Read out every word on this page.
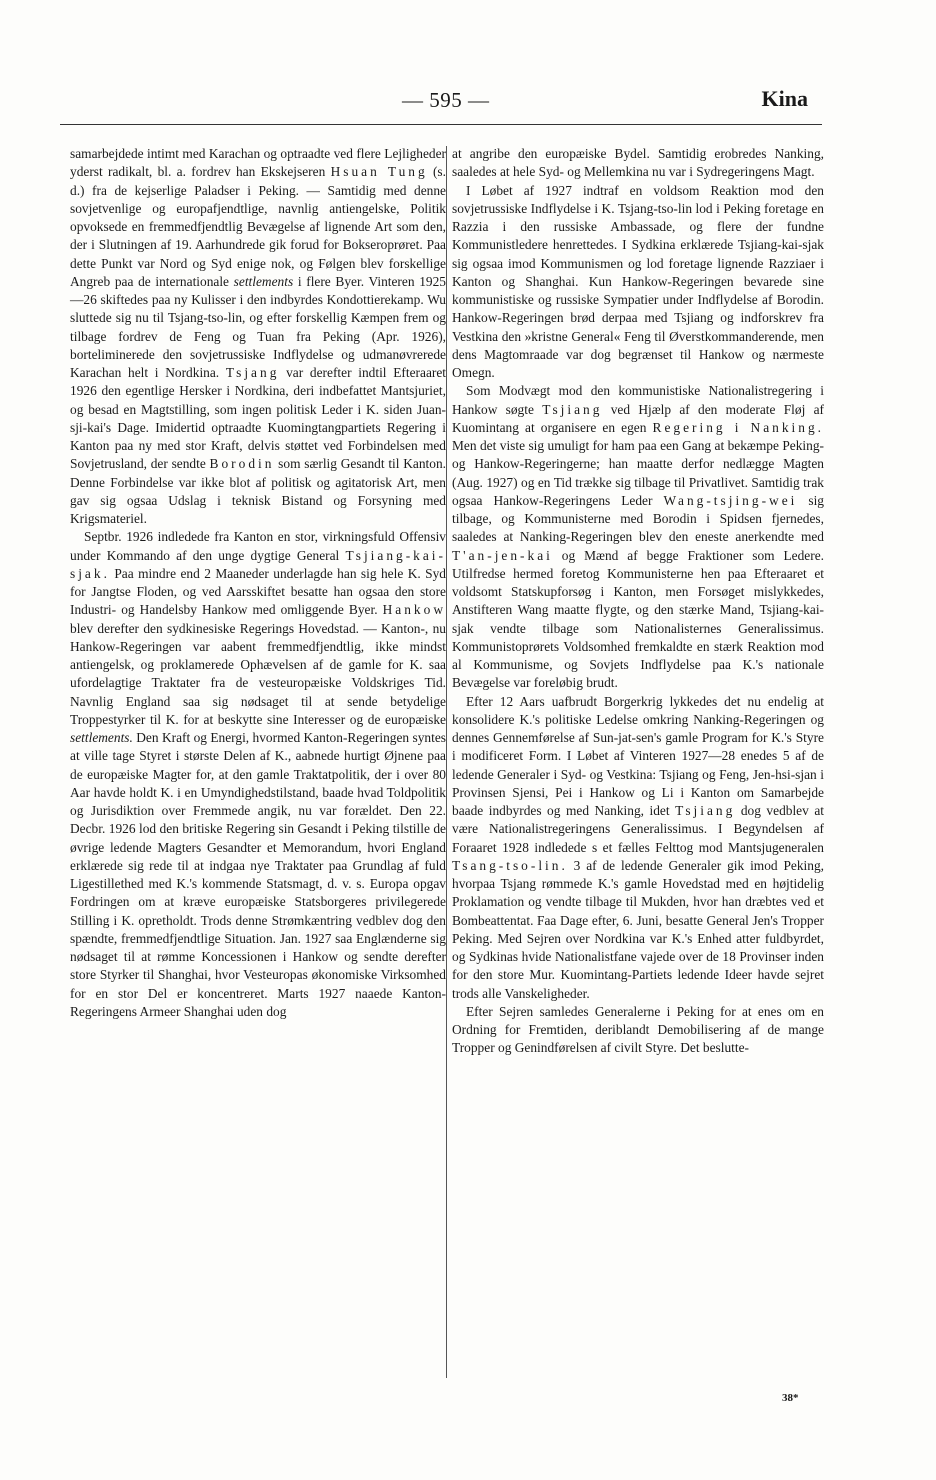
— 595 —	Kina

samarbejdede intimt med Karachan og optraadte ved flere Lejligheder yderst radikalt, bl. a. fordrev han Ekskejseren Hsuan Tung (s. d.) fra de kejserlige Paladser i Peking. — Samtidig med denne sovjetvenlige og europafjendtlige, navnlig antiengelske, Politik opvoksede en fremmedfjendtlig Bevægelse af lignende Art som den, der i Slutningen af 19. Aarhundrede gik forud for Bokseroprøret. Paa dette Punkt var Nord og Syd enige nok, og Følgen blev forskellige Angreb paa de internationale settlements i flere Byer. Vinteren 1925—26 skiftedes paa ny Kulisser i den indbyrdes Kondottierekamp. Wu sluttede sig nu til Tsjang-tso-lin, og efter forskellig Kæmpen frem og tilbage fordrev de Feng og Tuan fra Peking (Apr. 1926), bortelimineredе den sovjetrussiske Indflydelse og udmanøvrerede Karachan helt i Nordkina. Tsjang var derefter indtil Efteraaret 1926 den egentlige Hersker i Nordkina, deri indbefattet Mantsjuriet, og besad en Magtstilling, som ingen politisk Leder i K. siden Juan-sji-kai's Dage. Imidertid optraadte Kuomingtangpartiets Regering i Kanton paa ny med stor Kraft, delvis støttet ved Forbindelsen med Sovjetrusland, der sendte Borodin som særlig Gesandt til Kanton. Denne Forbindelse var ikke blot af politisk og agitatorisk Art, men gav sig ogsaa Udslag i teknisk Bistand og Forsyning med Krigsmateriel.

Septbr. 1926 indledede fra Kanton en stor, virkningsfuld Offensiv under Kommando af den unge dygtige General Tsjiang-kai-sjak. Paa mindre end 2 Maaneder underlagde han sig hele K. Syd for Jangtse Floden, og ved Aarsskiftet besatte han ogsaa den store Industri- og Handelsby Hankow med omliggende Byer. Hankow blev derefter den sydkinesiske Regerings Hovedstad. — Kanton-, nu Hankow-Regeringen var aabent fremmedfjendtlig, ikke mindst antiengelsk, og proklamerede Ophævelsen af de gamle for K. saa ufordelagtige Traktater fra de vesteuropæiske Voldskriges Tid. Navnlig England saa sig nødsaget til at sende betydelige Troppestyrker til K. for at beskytte sine Interesser og de europæiske settlements. Den Kraft og Energi, hvormed Kanton-Regeringen syntes at ville tage Styret i største Delen af K., aabnede hurtigt Øjnene paa de europæiske Magter for, at den gamle Traktatpolitik, der i over 80 Aar havde holdt K. i en Umyndighedstilstand, baade hvad Toldpolitik og Jurisdiktion over Fremmede angik, nu var forældet. Den 22. Decbr. 1926 lod den britiske Regering sin Gesandt i Peking tilstille de øvrige ledende Magters Gesandter et Memorandum, hvori England erklærede sig rede til at indgaa nye Traktater paa Grundlag af fuld Ligestillethed med K.'s kommende Statsmagt, d. v. s. Europa opgav Fordringen om at kræve europæiske Statsborgeres privilegerede Stilling i K. opretholdt. Trods denne Strømkæntring vedblev dog den spændte, fremmedfjendtlige Situation. Jan. 1927 saa Englænderne sig nødsaget til at rømme Koncessionen i Hankow og sendte derefter store Styrker til Shanghai, hvor Vesteuropas økonomiske Virksomhed for en stor Del er koncentreret. Marts 1927 naaede Kanton-Regeringens Armeer Shanghai uden dog

at angribe den europæiske Bydel. Samtidig erobredes Nanking, saaledes at hele Syd- og Mellemkina nu var i Sydregeringens Magt.

I Løbet af 1927 indtraf en voldsom Reaktion mod den sovjetrussiske Indflydelse i K. Tsjang-tso-lin lod i Peking foretage en Razzia i den russiske Ambassade, og flere der fundne Kommunistledere henrettedes. I Sydkina erklærede Tsjiang-kai-sjak sig ogsaa imod Kommunismen og lod foretage lignende Razziaer i Kanton og Shanghai. Kun Hankow-Regeringen bevarede sine kommunistiske og russiske Sympatier under Indflydelse af Borodin. Hankow-Regeringen brød derpaa med Tsjiang og indforskrev fra Vestkina den »kristne General« Feng til Øverstkommanderende, men dens Magtomraade var dog begrænset til Hankow og nærmeste Omegn.

Som Modvægt mod den kommunistiske Nationalistregering i Hankow søgte Tsjiang ved Hjælp af den moderate Fløj af Kuomintang at organisere en egen Regering i Nanking. Men det viste sig umuligt for ham paa een Gang at bekæmpe Peking- og Hankow-Regeringerne; han maatte derfor nedlægge Magten (Aug. 1927) og en Tid trække sig tilbage til Privatlivet. Samtidig trak ogsaa Hankow-Regeringens Leder Wang-tsjing-wei sig tilbage, og Kommunisterne med Borodin i Spidsen fjernedes, saaledes at Nanking-Regeringen blev den eneste anerkendte med T'an-jen-kai og Mænd af begge Fraktioner som Ledere. Utilfredse hermed foretog Kommunisterne hen paa Efteraaret et voldsomt Statskupforsøg i Kanton, men Forsøget mislykkedes, Anstifteren Wang maatte flygte, og den stærke Mand, Tsjiang-kai-sjak vendte tilbage som Nationalisternes Generalissimus. Kommunistoprørets Voldsomhed fremkaldte en stærk Reaktion mod al Kommunisme, og Sovjets Indflydelse paa K.'s nationale Bevægelse var foreløbig brudt.

Efter 12 Aars uafbrudt Borgerkrig lykkedes det nu endelig at konsolidere K.'s politiske Ledelse omkring Nanking-Regeringen og dennes Gennemførelse af Sun-jat-sen's gamle Program for K.'s Styre i modificeret Form. I Løbet af Vinteren 1927—28 enedes 5 af de ledende Generaler i Syd- og Vestkina: Tsjiang og Feng, Jen-hsi-sjan i Provinsen Sjensi, Pei i Hankow og Li i Kanton om Samarbejde baade indbyrdes og med Nanking, idet Tsjiang dog vedblev at være Nationalistregeringens Generalissimus. I Begyndelsen af Foraaret 1928 indledede s et fælles Felttog mod Mantsjugeneralen Tsang-tso-lin. 3 af de ledende Generaler gik imod Peking, hvorpaa Tsjang rømmede K.'s gamle Hovedstad med en højtidelig Proklamation og vendte tilbage til Mukden, hvor han dræbtes ved et Bombeattentat. Faa Dage efter, 6. Juni, besatte General Jen's Tropper Peking. Med Sejren over Nordkina var K.'s Enhed atter fuldbyrdet, og Sydkinas hvide Nationalistfane vajede over de 18 Provinser inden for den store Mur. Kuomintang-Partiets ledende Ideer havde sejret trods alle Vanskeligheder.

Efter Sejren samledes Generalerne i Peking for at enes om en Ordning for Fremtiden, deriblandt Demobilisering af de mange Tropper og Genindførelsen af civilt Styre. Det beslutte-

38*
